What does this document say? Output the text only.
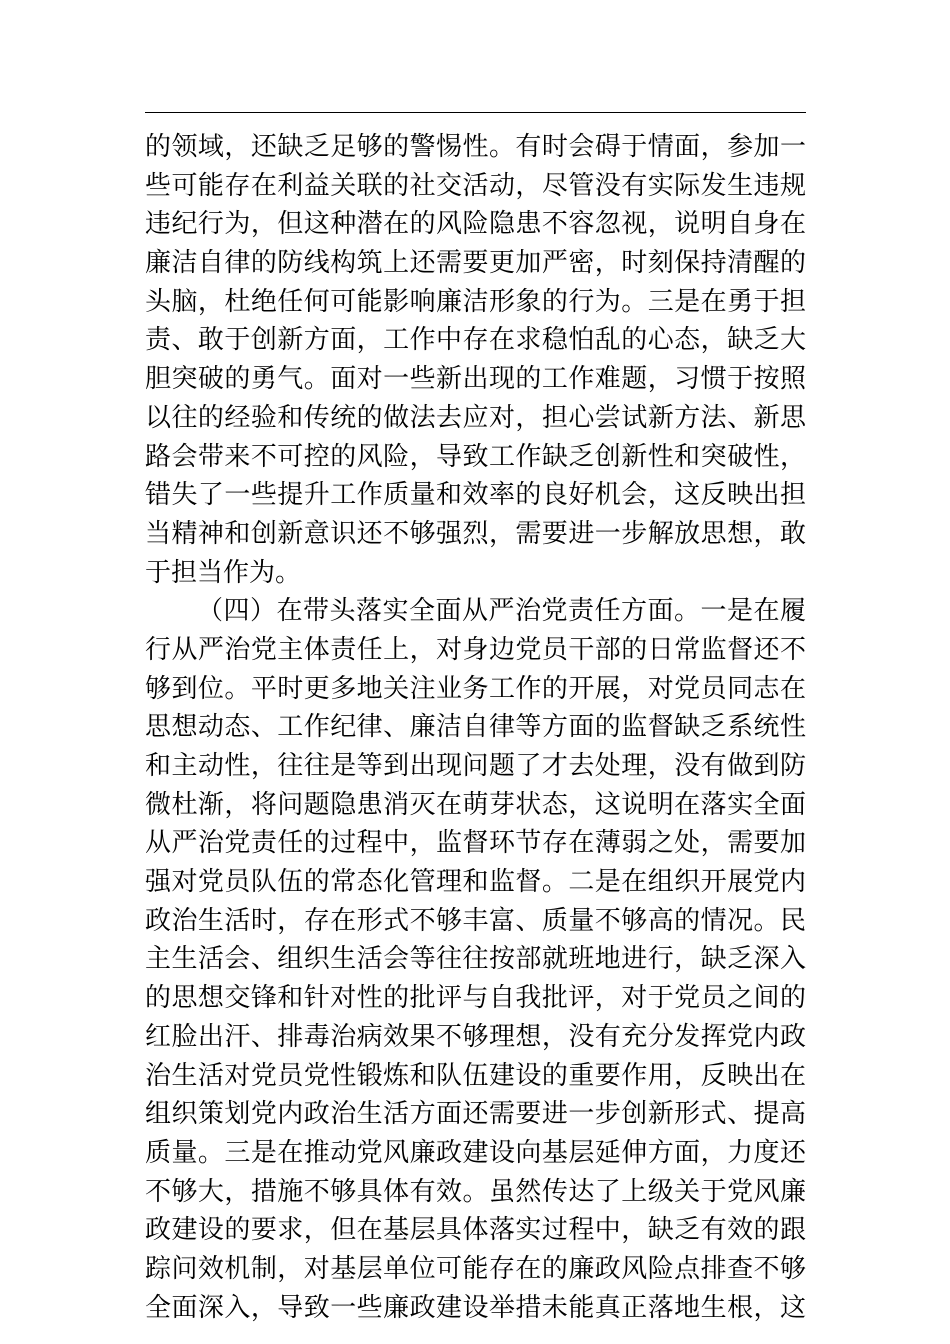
的领域，还缺乏足够的警惕性。有时会碍于情面，参加一
些可能存在利益关联的社交活动，尽管没有实际发生违规
违纪行为，但这种潜在的风险隐患不容忽视，说明自身在
廉洁自律的防线构筑上还需要更加严密，时刻保持清醒的
头脑，杜绝任何可能影响廉洁形象的行为。三是在勇于担
责、敢于创新方面，工作中存在求稳怕乱的心态，缺乏大
胆突破的勇气。面对一些新出现的工作难题，习惯于按照
以往的经验和传统的做法去应对，担心尝试新方法、新思
路会带来不可控的风险，导致工作缺乏创新性和突破性，
错失了一些提升工作质量和效率的良好机会，这反映出担
当精神和创新意识还不够强烈，需要进一步解放思想，敢
于担当作为。
（四）在带头落实全面从严治党责任方面。一是在履
行从严治党主体责任上，对身边党员干部的日常监督还不
够到位。平时更多地关注业务工作的开展，对党员同志在
思想动态、工作纪律、廉洁自律等方面的监督缺乏系统性
和主动性，往往是等到出现问题了才去处理，没有做到防
微杜渐，将问题隐患消灭在萌芽状态，这说明在落实全面
从严治党责任的过程中，监督环节存在薄弱之处，需要加
强对党员队伍的常态化管理和监督。二是在组织开展党内
政治生活时，存在形式不够丰富、质量不够高的情况。民
主生活会、组织生活会等往往按部就班地进行，缺乏深入
的思想交锋和针对性的批评与自我批评，对于党员之间的
红脸出汗、排毒治病效果不够理想，没有充分发挥党内政
治生活对党员党性锻炼和队伍建设的重要作用，反映出在
组织策划党内政治生活方面还需要进一步创新形式、提高
质量。三是在推动党风廉政建设向基层延伸方面，力度还
不够大，措施不够具体有效。虽然传达了上级关于党风廉
政建设的要求，但在基层具体落实过程中，缺乏有效的跟
踪问效机制，对基层单位可能存在的廉政风险点排查不够
全面深入，导致一些廉政建设举措未能真正落地生根，这
